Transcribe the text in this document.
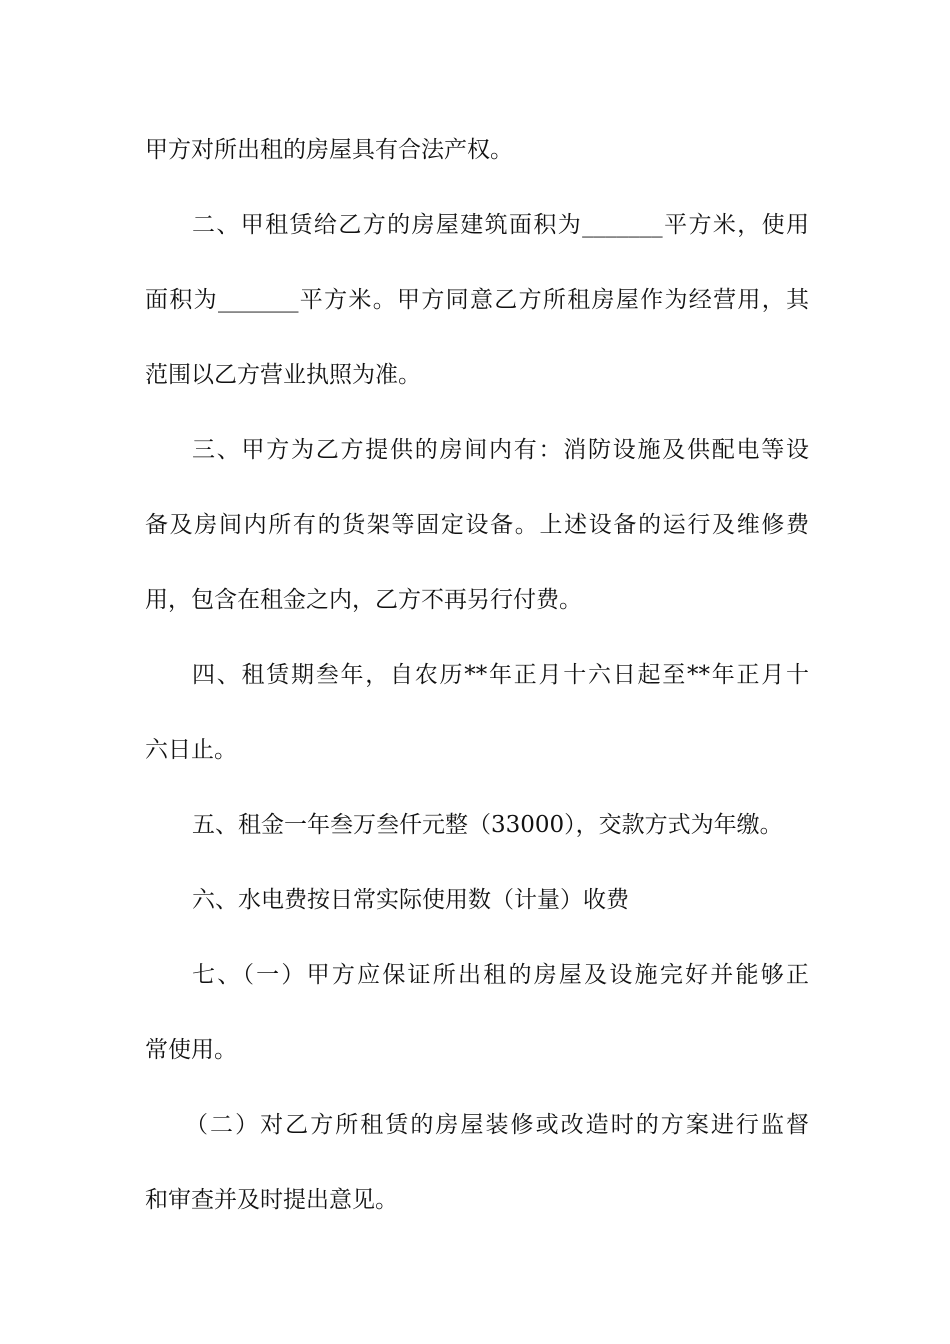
甲方对所出租的房屋具有合法产权。
二、甲租赁给乙方的房屋建筑面积为_______平方米，使用
面积为_______平方米。甲方同意乙方所租房屋作为经营用，其
范围以乙方营业执照为准。
三、甲方为乙方提供的房间内有：消防设施及供配电等设
备及房间内所有的货架等固定设备。上述设备的运行及维修费
用，包含在租金之内，乙方不再另行付费。
四、租赁期叁年，自农历**年正月十六日起至**年正月十
六日止。
五、租金一年叁万叁仟元整（33000），交款方式为年缴。
六、水电费按日常实际使用数（计量）收费
七、（一）甲方应保证所出租的房屋及设施完好并能够正
常使用。
（二）对乙方所租赁的房屋装修或改造时的方案进行监督
和审查并及时提出意见。
